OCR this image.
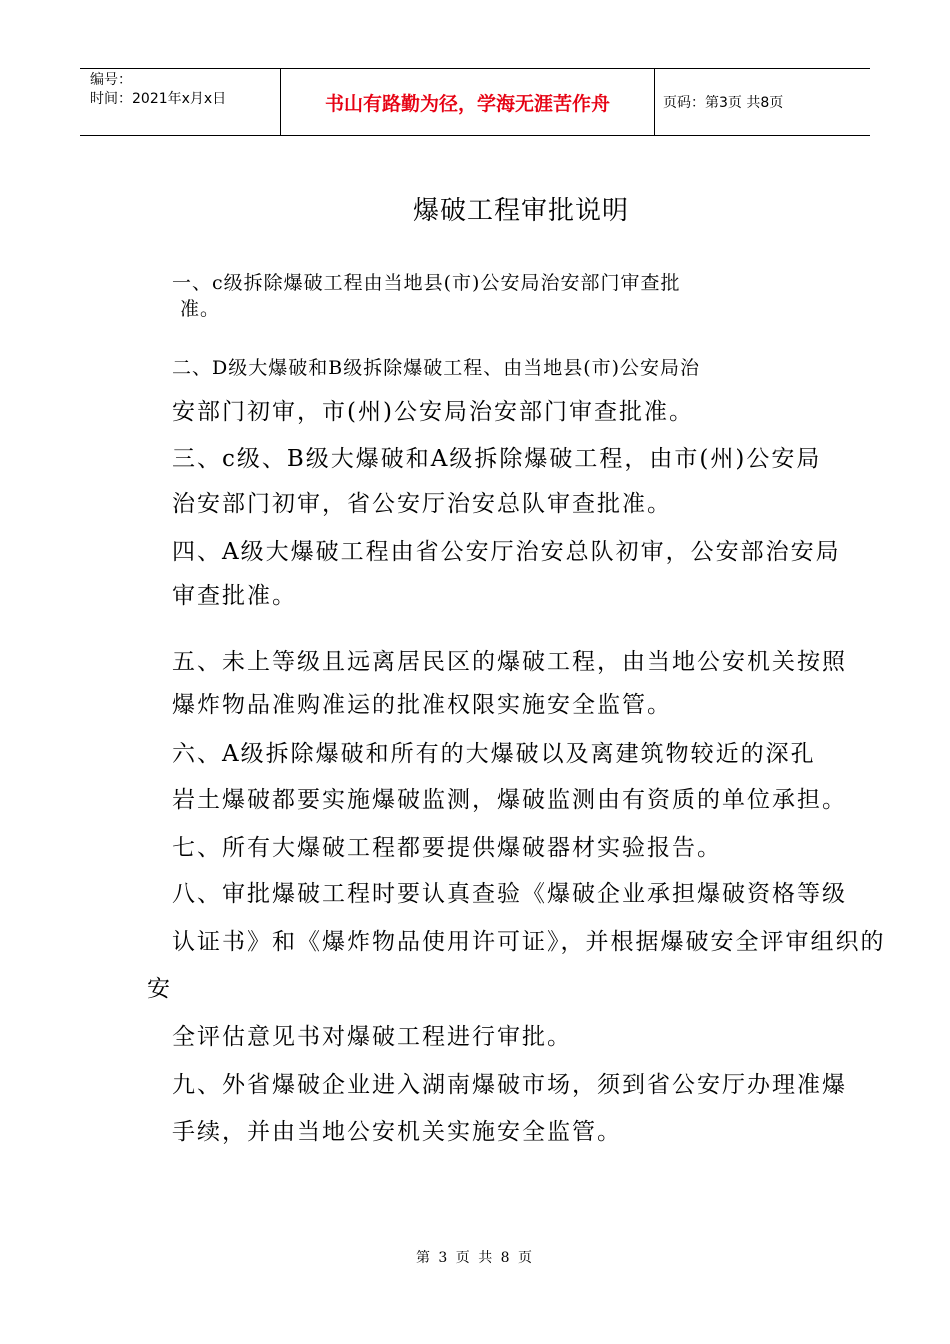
编号：
时间：2021年x月x日	书山有路勤为径，学海无涯苦作舟	页码：第3页 共8页
爆破工程审批说明
一、c级拆除爆破工程由当地县(市)公安局治安部门审查批
准。
二、D级大爆破和B级拆除爆破工程、由当地县(市)公安局治
安部门初审，市(州)公安局治安部门审查批准。
三、c级、B级大爆破和A级拆除爆破工程，由市(州)公安局
治安部门初审，省公安厅治安总队审查批准。
四、A级大爆破工程由省公安厅治安总队初审，公安部治安局
审查批准。
五、未上等级且远离居民区的爆破工程，由当地公安机关按照
爆炸物品准购准运的批准权限实施安全监管。
六、A级拆除爆破和所有的大爆破以及离建筑物较近的深孔
岩土爆破都要实施爆破监测，爆破监测由有资质的单位承担。
七、所有大爆破工程都要提供爆破器材实验报告。
八、审批爆破工程时要认真查验《爆破企业承担爆破资格等级
认证书》和《爆炸物品使用许可证》，并根据爆破安全评审组织的
安
全评估意见书对爆破工程进行审批。
九、外省爆破企业进入湖南爆破市场，须到省公安厅办理准爆
手续，并由当地公安机关实施安全监管。
第 3 页 共 8 页
